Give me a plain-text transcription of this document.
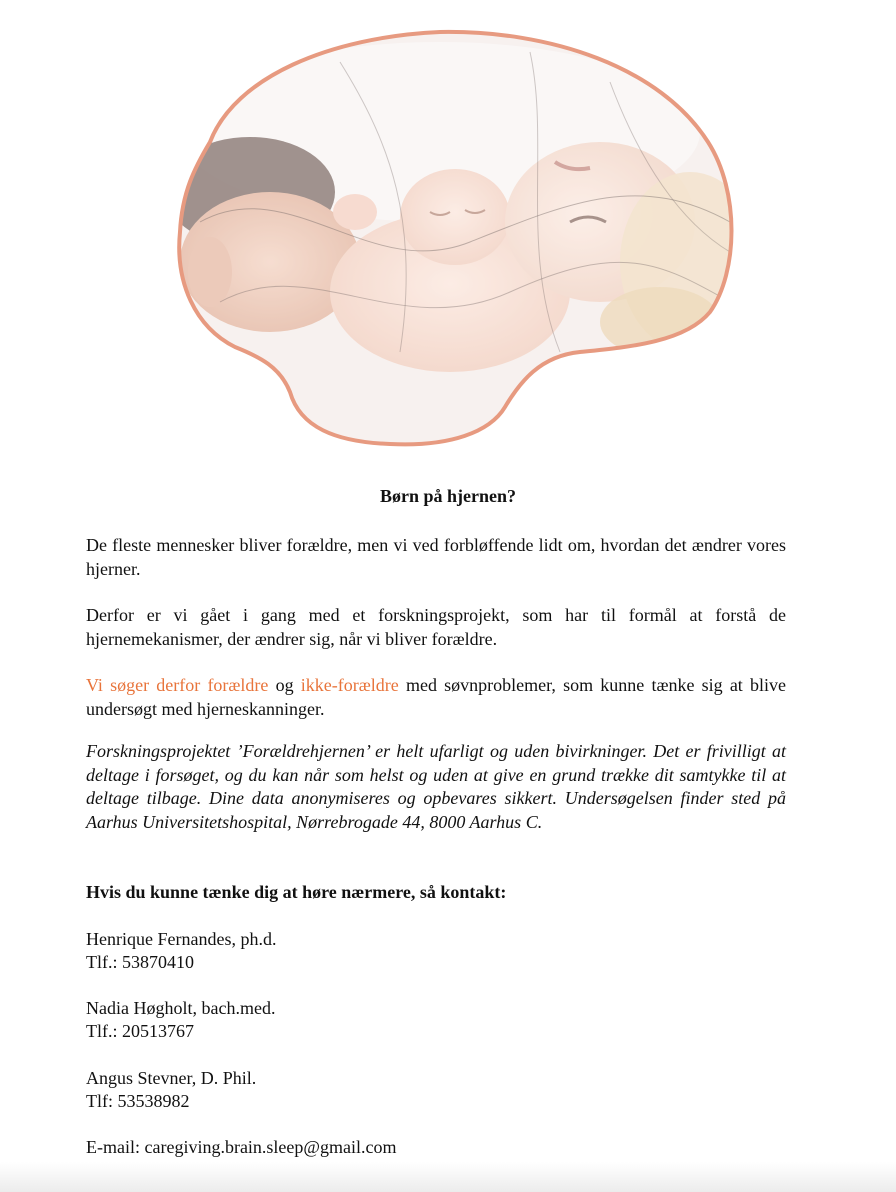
Børn på hjernen?

De fleste mennesker bliver forældre, men vi ved forbløffende lidt om, hvordan det ændrer vores hjerner.

Derfor er vi gået i gang med et forskningsprojekt, som har til formål at forstå de hjernemekanismer, der ændrer sig, når vi bliver forældre.

Vi søger derfor forældre og ikke-forældre med søvnproblemer, som kunne tænke sig at blive undersøgt med hjerneskanninger.

Forskningsprojektet ’Forældrehjernen’ er helt ufarligt og uden bivirkninger. Det er frivilligt at deltage i forsøget, og du kan når som helst og uden at give en grund trække dit samtykke til at deltage tilbage. Dine data anonymiseres og opbevares sikkert. Undersøgelsen finder sted på Aarhus Universitetshospital, Nørrebrogade 44, 8000 Aarhus C.

Hvis du kunne tænke dig at høre nærmere, så kontakt:
Henrique Fernandes, ph.d.
Tlf.: 53870410
Nadia Høgholt, bach.med.
Tlf.: 20513767
Angus Stevner, D. Phil.
Tlf: 53538982
E-mail: caregiving.brain.sleep@gmail.com
